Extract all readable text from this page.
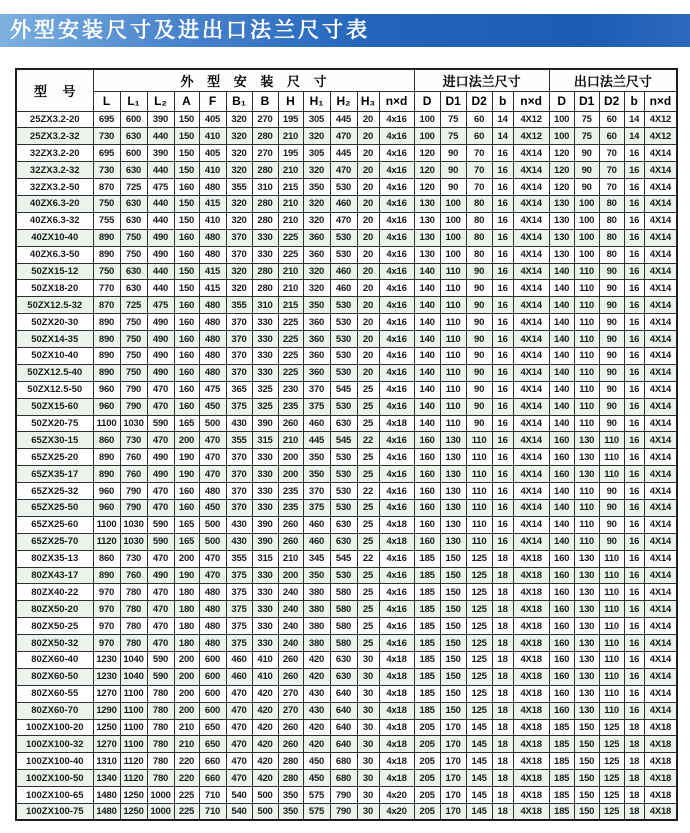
外型安装尺寸及进出口法兰尺寸表
型 号	外 型 安 装 尺 寸												进口法兰尺寸					出口法兰尺寸				
	L	L₁	L₂	A	F	B₁	B	H	H₁	H₂	H₃	n×d	D	D1	D2	b	n×d	D	D1	D2	b	n×d
25ZX3.2-20	695	600	390	150	405	320	270	195	305	445	20	4x16	100	75	60	14	4X12	100	75	60	14	4X12
25ZX3.2-32	730	630	440	150	410	320	280	210	320	470	20	4x16	100	75	60	14	4X12	100	75	60	14	4X12
32ZX3.2-20	695	600	390	150	405	320	270	195	305	445	20	4x16	120	90	70	16	4X14	120	90	70	16	4X14
32ZX3.2-32	730	630	440	150	410	320	280	210	320	470	20	4x16	120	90	70	16	4X14	120	90	70	16	4X14
32ZX3.2-50	870	725	475	160	480	355	310	215	350	530	20	4x16	120	90	70	16	4X14	120	90	70	16	4X14
40ZX6.3-20	750	630	440	150	415	320	280	210	320	460	20	4x16	130	100	80	16	4X14	130	100	80	16	4X14
40ZX6.3-32	755	630	440	150	410	320	280	210	320	470	20	4x16	130	100	80	16	4X14	130	100	80	16	4X14
40ZX10-40	890	750	490	160	480	370	330	225	360	530	20	4x16	130	100	80	16	4X14	130	100	80	16	4X14
40ZX6.3-50	890	750	490	160	480	370	330	225	360	530	20	4x16	130	100	80	16	4X14	130	100	80	16	4X14
50ZX15-12	750	630	440	150	415	320	280	210	320	460	20	4x16	140	110	90	16	4X14	140	110	90	16	4X14
50ZX18-20	770	630	440	150	415	320	280	210	320	460	20	4x16	140	110	90	16	4X14	140	110	90	16	4X14
50ZX12.5-32	870	725	475	160	480	355	310	215	350	530	20	4x16	140	110	90	16	4X14	140	110	90	16	4X14
50ZX20-30	890	750	490	160	480	370	330	225	360	530	20	4x16	140	110	90	16	4X14	140	110	90	16	4X14
50ZX14-35	890	750	490	160	480	370	330	225	360	530	20	4x16	140	110	90	16	4X14	140	110	90	16	4X14
50ZX10-40	890	750	490	160	480	370	330	225	360	530	20	4x16	140	110	90	16	4X14	140	110	90	16	4X14
50ZX12.5-40	890	750	490	160	480	370	330	225	360	530	20	4x16	140	110	90	16	4X14	140	110	90	16	4X14
50ZX12.5-50	960	790	470	160	475	365	325	230	370	545	25	4x16	140	110	90	16	4X14	140	110	90	16	4X14
50ZX15-60	960	790	470	160	450	375	325	235	375	530	25	4x16	140	110	90	16	4X14	140	110	90	16	4X14
50ZX20-75	1100	1030	590	165	500	430	390	260	460	630	25	4x18	140	110	90	16	4X14	140	110	90	16	4X14
65ZX30-15	860	730	470	200	470	355	315	210	445	545	22	4x16	160	130	110	16	4X14	160	130	110	16	4X14
65ZX25-20	890	760	490	190	470	370	330	200	350	530	25	4x16	160	130	110	16	4X14	160	130	110	16	4X14
65ZX35-17	890	760	490	190	470	370	330	200	350	530	25	4x16	160	130	110	16	4X14	160	130	110	16	4X14
65ZX25-32	960	790	470	160	480	370	330	235	370	530	22	4x16	160	130	110	16	4X14	140	110	90	16	4X14
65ZX25-50	960	790	470	160	450	370	330	235	375	530	25	4x16	160	130	110	16	4X14	140	110	90	16	4X14
65ZX25-60	1100	1030	590	165	500	430	390	260	460	630	25	4x18	160	130	110	16	4X14	140	110	90	16	4X14
65ZX25-70	1120	1030	590	165	500	430	390	260	460	630	25	4x18	160	130	110	16	4X14	140	110	90	16	4X14
80ZX35-13	860	730	470	200	470	355	315	210	345	545	22	4x16	185	150	125	18	4X18	160	130	110	16	4X14
80ZX43-17	890	760	490	190	470	375	330	200	350	530	25	4x16	185	150	125	18	4X18	160	130	110	16	4X14
80ZX40-22	970	780	470	180	480	375	330	240	380	580	25	4x16	185	150	125	18	4X18	160	130	110	16	4X14
80ZX50-20	970	780	470	180	480	375	330	240	380	580	25	4x16	185	150	125	18	4X18	160	130	110	16	4X14
80ZX50-25	970	780	470	180	480	375	330	240	380	580	25	4x16	185	150	125	18	4X18	160	130	110	16	4X14
80ZX50-32	970	780	470	180	480	375	330	240	380	580	25	4x16	185	150	125	18	4X18	160	130	110	16	4X14
80ZX60-40	1230	1040	590	200	600	460	410	260	420	630	30	4x18	185	150	125	18	4X18	160	130	110	16	4X14
80ZX60-50	1230	1040	590	200	600	460	410	260	420	630	30	4x18	185	150	125	18	4X18	160	130	110	16	4X14
80ZX60-55	1270	1100	780	200	600	470	420	270	430	640	30	4x18	185	150	125	18	4X18	160	130	110	16	4X14
80ZX60-70	1290	1100	780	200	600	470	420	270	430	640	30	4x18	185	150	125	18	4X18	160	130	110	16	4X14
100ZX100-20	1250	1100	780	210	650	470	420	260	420	640	30	4x18	205	170	145	18	4X18	185	150	125	18	4X18
100ZX100-32	1270	1100	780	210	650	470	420	260	420	640	30	4x18	205	170	145	18	4X18	185	150	125	18	4X18
100ZX100-40	1310	1120	780	220	660	470	420	280	450	680	30	4x18	205	170	145	18	4X18	185	150	125	18	4X18
100ZX100-50	1340	1120	780	220	660	470	420	280	450	680	30	4x18	205	170	145	18	4X18	185	150	125	18	4X18
100ZX100-65	1480	1250	1000	225	710	540	500	350	575	790	30	4x20	205	170	145	18	4X18	185	150	125	18	4X18
100ZX100-75	1480	1250	1000	225	710	540	500	350	575	790	30	4x20	205	170	145	18	4X18	185	150	125	18	4X18
